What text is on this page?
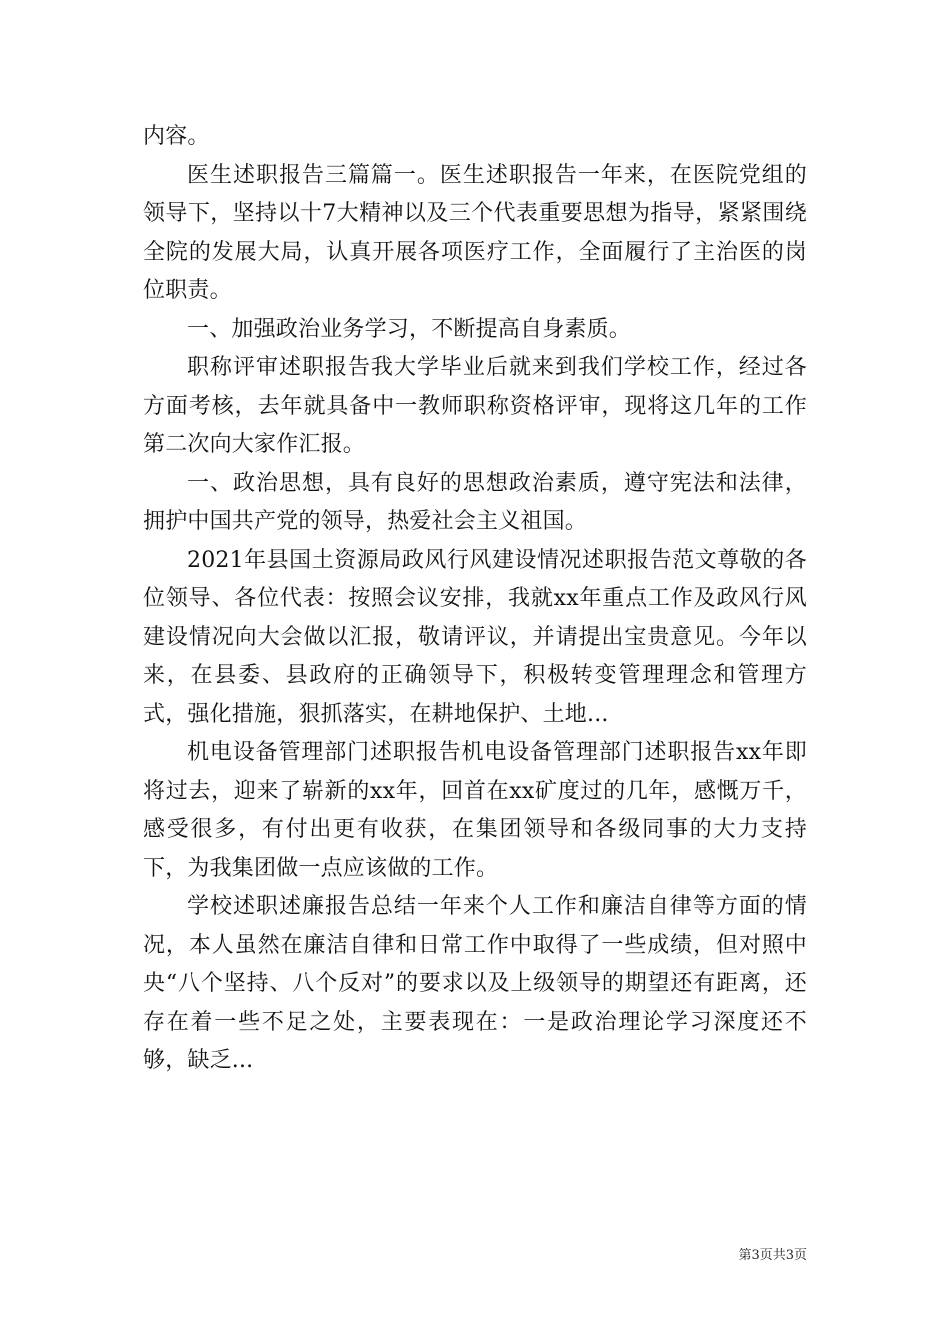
内容。

医生述职报告三篇篇一。医生述职报告一年来，在医院党组的领导下，坚持以十7大精神以及三个代表重要思想为指导，紧紧围绕全院的发展大局，认真开展各项医疗工作，全面履行了主治医的岗位职责。

一、加强政治业务学习，不断提高自身素质。

职称评审述职报告我大学毕业后就来到我们学校工作，经过各方面考核，去年就具备中一教师职称资格评审，现将这几年的工作第二次向大家作汇报。

一、政治思想，具有良好的思想政治素质，遵守宪法和法律，拥护中国共产党的领导，热爱社会主义祖国。

2021年县国土资源局政风行风建设情况述职报告范文尊敬的各位领导、各位代表：按照会议安排，我就xx年重点工作及政风行风建设情况向大会做以汇报，敬请评议，并请提出宝贵意见。今年以来，在县委、县政府的正确领导下，积极转变管理理念和管理方式，强化措施，狠抓落实，在耕地保护、土地...

机电设备管理部门述职报告机电设备管理部门述职报告xx年即将过去，迎来了崭新的xx年，回首在xx矿度过的几年，感慨万千，感受很多，有付出更有收获，在集团领导和各级同事的大力支持下，为我集团做一点应该做的工作。

学校述职述廉报告总结一年来个人工作和廉洁自律等方面的情况，本人虽然在廉洁自律和日常工作中取得了一些成绩，但对照中央“八个坚持、八个反对”的要求以及上级领导的期望还有距离，还存在着一些不足之处，主要表现在：一是政治理论学习深度还不够，缺乏...

第3页共3页
